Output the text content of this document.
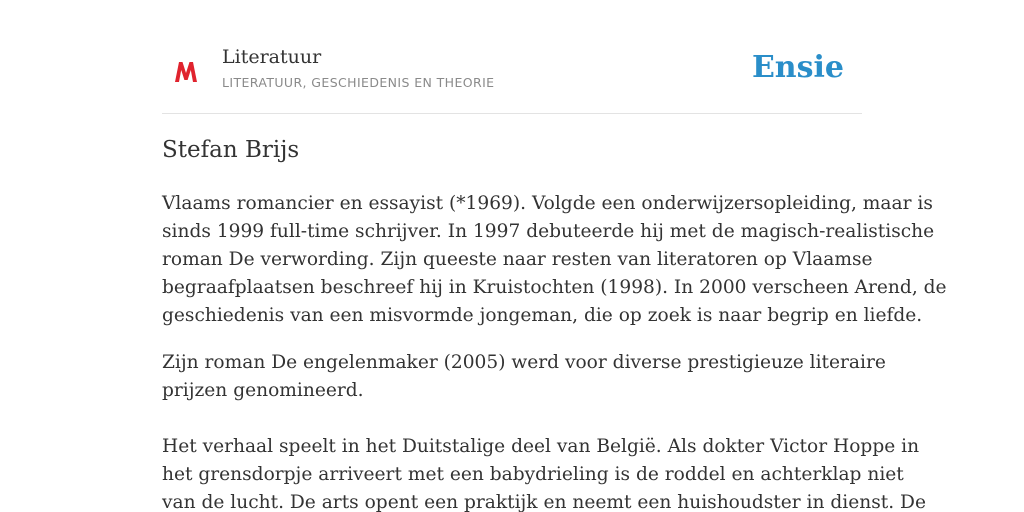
Literatuur
LITERATUUR, GESCHIEDENIS EN THEORIE	Ensie
Stefan Brijs

Vlaams romancier en essayist (*1969). Volgde een onderwijzersopleiding, maar is
sinds 1999 full-time schrijver. In 1997 debuteerde hij met de magisch-realistische
roman De verwording. Zijn queeste naar resten van literatoren op Vlaamse
begraafplaatsen beschreef hij in Kruistochten (1998). In 2000 verscheen Arend, de
geschiedenis van een misvormde jongeman, die op zoek is naar begrip en liefde.

Zijn roman De engelenmaker (2005) werd voor diverse prestigieuze literaire
prijzen genomineerd.

Het verhaal speelt in het Duitstalige deel van België. Als dokter Victor Hoppe in
het grensdorpje arriveert met een babydrieling is de roddel en achterklap niet
van de lucht. De arts opent een praktijk en neemt een huishoudster in dienst. De
